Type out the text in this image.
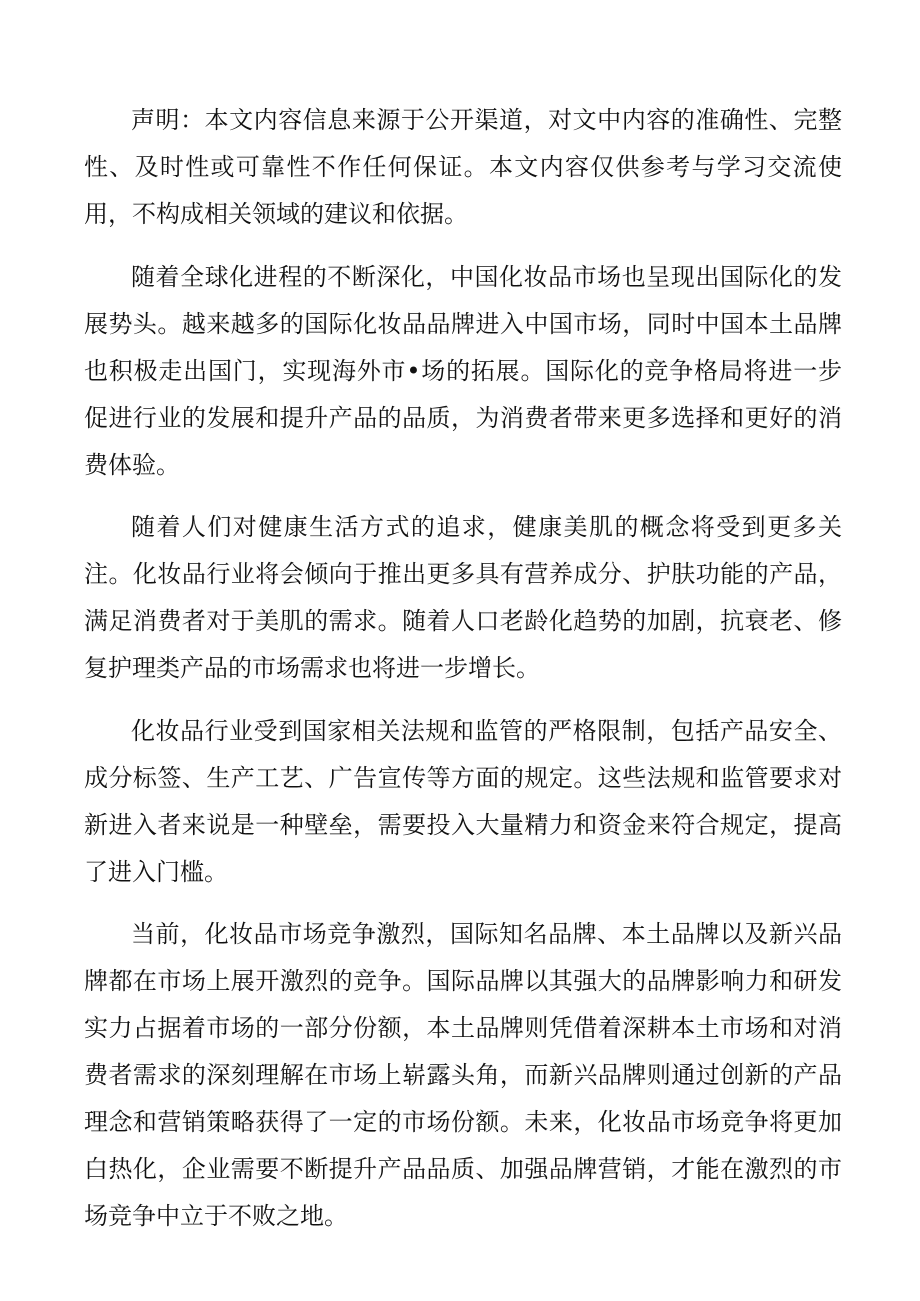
声明：本文内容信息来源于公开渠道，对文中内容的准确性、完整性、及时性或可靠性不作任何保证。本文内容仅供参考与学习交流使用，不构成相关领域的建议和依据。

随着全球化进程的不断深化，中国化妆品市场也呈现出国际化的发展势头。越来越多的国际化妆品品牌进入中国市场，同时中国本土品牌也积极走出国门，实现海外市•场的拓展。国际化的竞争格局将进一步促进行业的发展和提升产品的品质，为消费者带来更多选择和更好的消费体验。

随着人们对健康生活方式的追求，健康美肌的概念将受到更多关注。化妆品行业将会倾向于推出更多具有营养成分、护肤功能的产品，满足消费者对于美肌的需求。随着人口老龄化趋势的加剧，抗衰老、修复护理类产品的市场需求也将进一步增长。

化妆品行业受到国家相关法规和监管的严格限制，包括产品安全、成分标签、生产工艺、广告宣传等方面的规定。这些法规和监管要求对新进入者来说是一种壁垒，需要投入大量精力和资金来符合规定，提高了进入门槛。

当前，化妆品市场竞争激烈，国际知名品牌、本土品牌以及新兴品牌都在市场上展开激烈的竞争。国际品牌以其强大的品牌影响力和研发实力占据着市场的一部分份额，本土品牌则凭借着深耕本土市场和对消费者需求的深刻理解在市场上崭露头角，而新兴品牌则通过创新的产品理念和营销策略获得了一定的市场份额。未来，化妆品市场竞争将更加白热化，企业需要不断提升产品品质、加强品牌营销，才能在激烈的市场竞争中立于不败之地。
